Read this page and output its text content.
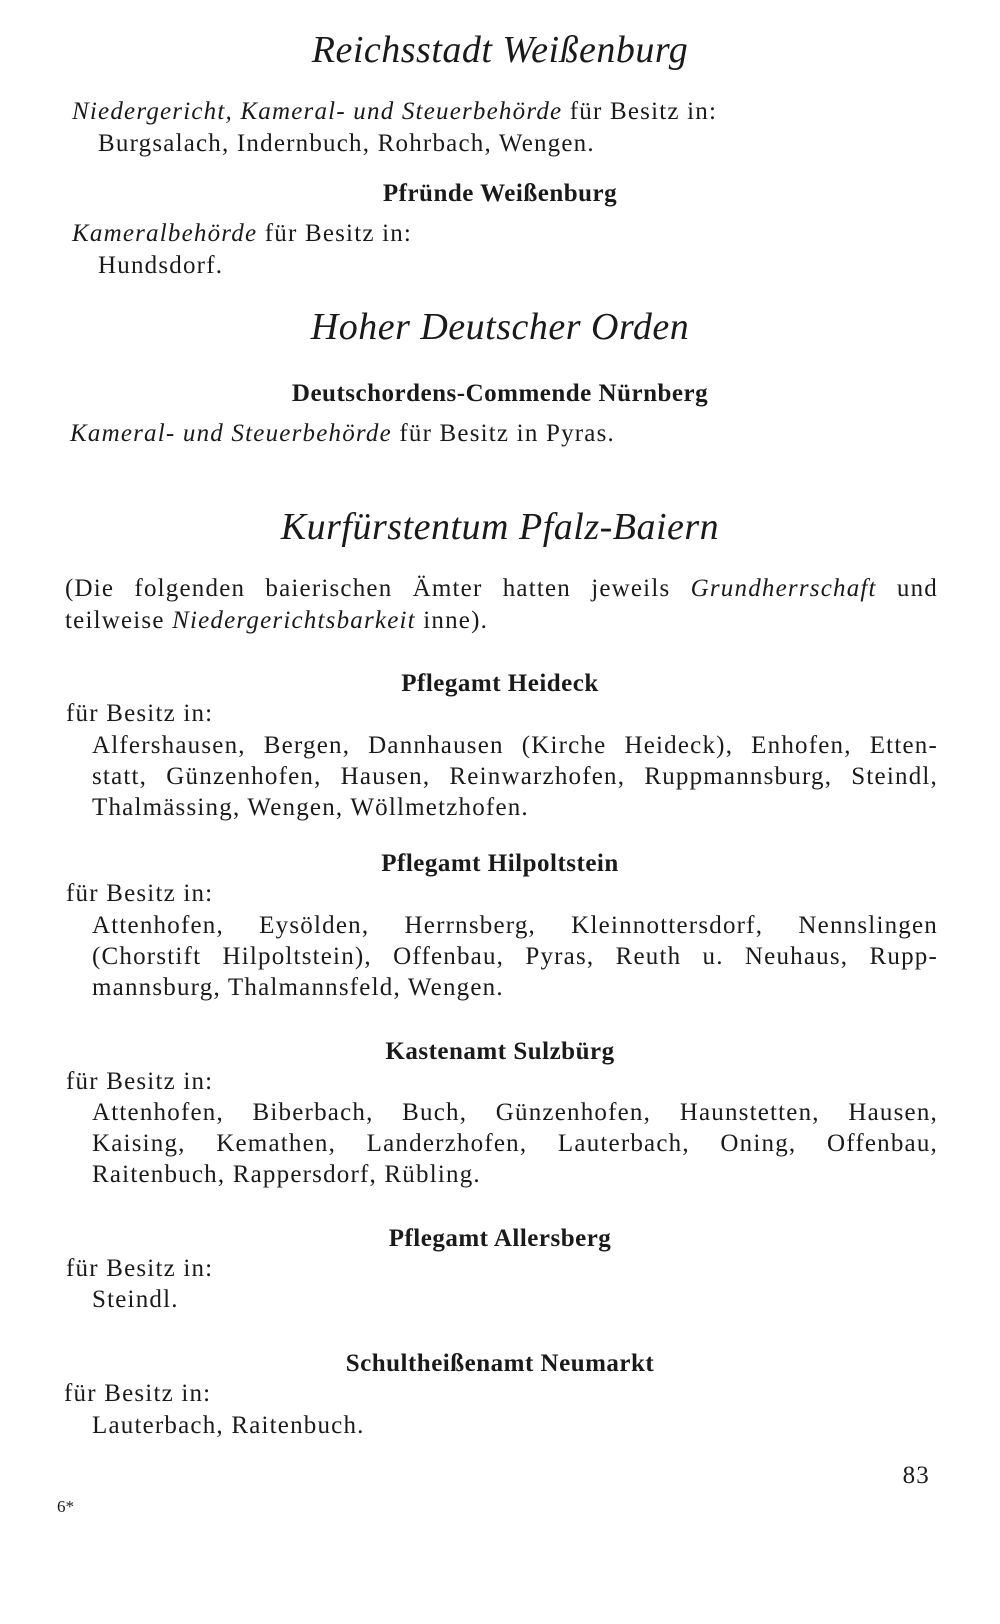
Reichsstadt Weißenburg
Niedergericht, Kameral- und Steuerbehörde für Besitz in:
Burgsalach, Indernbuch, Rohrbach, Wengen.
Pfründe Weißenburg
Kameralbehörde für Besitz in:
Hundsdorf.
Hoher Deutscher Orden
Deutschordens-Commende Nürnberg
Kameral- und Steuerbehörde für Besitz in Pyras.
Kurfürstentum Pfalz-Baiern
(Die folgenden baierischen Ämter hatten jeweils Grundherrschaft und
teilweise Niedergerichtsbarkeit inne).
Pflegamt Heideck
für Besitz in:
Alfershausen, Bergen, Dannhausen (Kirche Heideck), Enhofen, Etten-
statt, Günzenhofen, Hausen, Reinwarzhofen, Ruppmannsburg, Steindl,
Thalmässing, Wengen, Wöllmetzhofen.
Pflegamt Hilpoltstein
für Besitz in:
Attenhofen, Eysölden, Herrnsberg, Kleinnottersdorf, Nennslingen
(Chorstift Hilpoltstein), Offenbau, Pyras, Reuth u. Neuhaus, Rupp-
mannsburg, Thalmannsfeld, Wengen.
Kastenamt Sulzbürg
für Besitz in:
Attenhofen, Biberbach, Buch, Günzenhofen, Haunstetten, Hausen,
Kaising, Kemathen, Landerzhofen, Lauterbach, Oning, Offenbau,
Raitenbuch, Rappersdorf, Rübling.
Pflegamt Allersberg
für Besitz in:
Steindl.
Schultheißenamt Neumarkt
für Besitz in:
Lauterbach, Raitenbuch.
83
6*
